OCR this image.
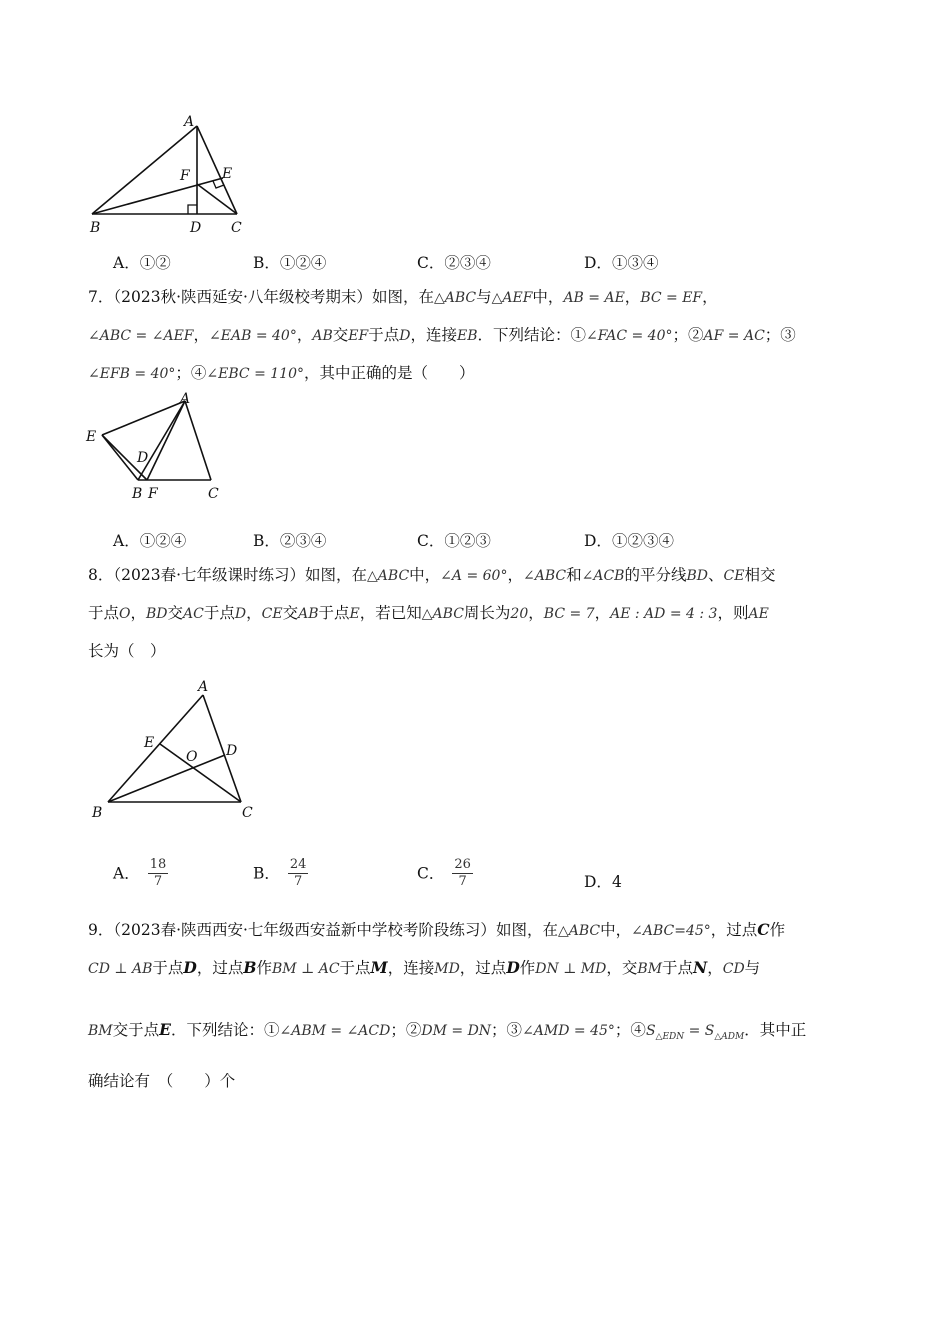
A
B	C
D
E
F
A．①②	B．①②④	C．②③④	D．①③④
7．（2023秋·陕西延安·八年级校考期末）如图，在△ABC与△AEF中，AB = AE，BC = EF，
∠ABC = ∠AEF，∠EAB = 40°，AB交EF于点D，连接EB．下列结论：①∠FAC = 40°；②AF = AC；③
∠EFB = 40°；④∠EBC = 110°，其中正确的是（　　）
A
E
D
B F	C
A．①②④	B．②③④	C．①②③	D．①②③④
8．（2023春·七年级课时练习）如图，在△ABC中，∠A = 60°，∠ABC和∠ACB的平分线BD、CE相交
于点O，BD交AC于点D，CE交AB于点E，若已知△ABC周长为20，BC = 7，AE : AD = 4 : 3，则AE
长为（　）
A
E
O D
B	C
A． $\frac{18}{7}$	B． $\frac{24}{7}$	C． $\frac{26}{7}$	D．4
9．（2023春·陕西西安·七年级西安益新中学校考阶段练习）如图，在△ABC中，∠ABC=45°，过点C作
CD ⊥ AB于点D，过点B作BM ⊥ AC于点M，连接MD，过点D作DN ⊥ MD，交BM于点N，CD与
BM交于点E．下列结论：①∠ABM = ∠ACD；②DM = DN；③∠AMD = 45°；$④S_{\triangle EDN} = S_{\triangle ADM}$．其中正
确结论有　（　　）个
